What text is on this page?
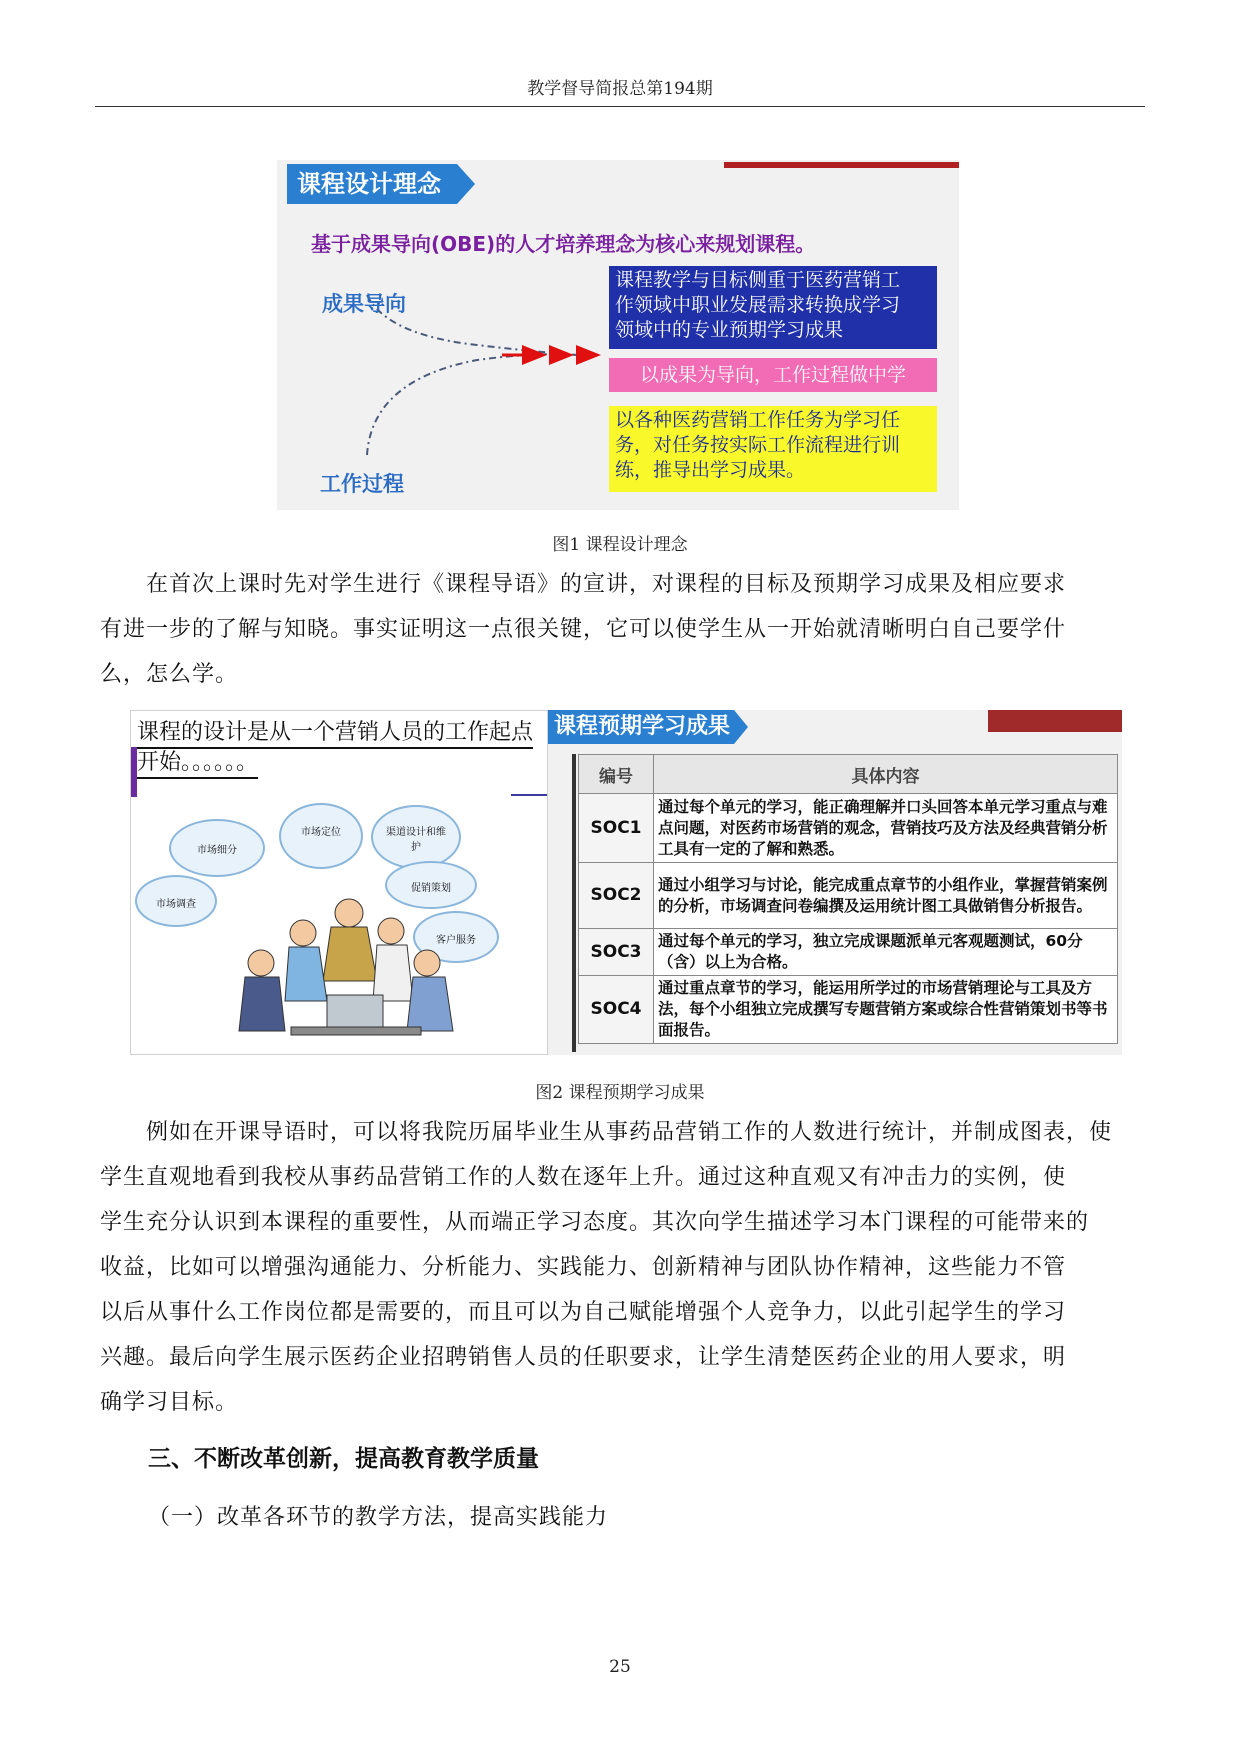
教学督导简报总第194期
课程设计理念
基于成果导向(OBE)的人才培养理念为核心来规划课程。
成果导向
工作过程
课程教学与目标侧重于医药营销工
作领域中职业发展需求转换成学习
领域中的专业预期学习成果
以成果为导向，工作过程做中学
以各种医药营销工作任务为学习任
务，对任务按实际工作流程进行训
练，推导出学习成果。
图1 课程设计理念
在首次上课时先对学生进行《课程导语》的宣讲，对课程的目标及预期学习成果及相应要求
有进一步的了解与知晓。事实证明这一点很关键，它可以使学生从一开始就清晰明白自己要学什
么，怎么学。
课程的设计是从一个营销人员的工作起点
开始。。。。。。
市场细分
市场定位	渠道设计和维护
促销策划
市场调查
客户服务
课程预期学习成果
编号	具体内容
SOC1	通过每个单元的学习，能正确理解并口头回答本单元学习重点与难点问题，对医药市场营销的观念，营销技巧及方法及经典营销分析工具有一定的了解和熟悉。
SOC2	通过小组学习与讨论，能完成重点章节的小组作业，掌握营销案例的分析，市场调查问卷编撰及运用统计图工具做销售分析报告。
SOC3	通过每个单元的学习，独立完成课题派单元客观题测试，60分（含）以上为合格。
SOC4	通过重点章节的学习，能运用所学过的市场营销理论与工具及方法，每个小组独立完成撰写专题营销方案或综合性营销策划书等书面报告。
图2 课程预期学习成果
例如在开课导语时，可以将我院历届毕业生从事药品营销工作的人数进行统计，并制成图表，使
学生直观地看到我校从事药品营销工作的人数在逐年上升。通过这种直观又有冲击力的实例，使
学生充分认识到本课程的重要性，从而端正学习态度。其次向学生描述学习本门课程的可能带来的
收益，比如可以增强沟通能力、分析能力、实践能力、创新精神与团队协作精神，这些能力不管
以后从事什么工作岗位都是需要的，而且可以为自己赋能增强个人竞争力，以此引起学生的学习
兴趣。最后向学生展示医药企业招聘销售人员的任职要求，让学生清楚医药企业的用人要求，明
确学习目标。
三、不断改革创新，提高教育教学质量
（一）改革各环节的教学方法，提高实践能力
25
